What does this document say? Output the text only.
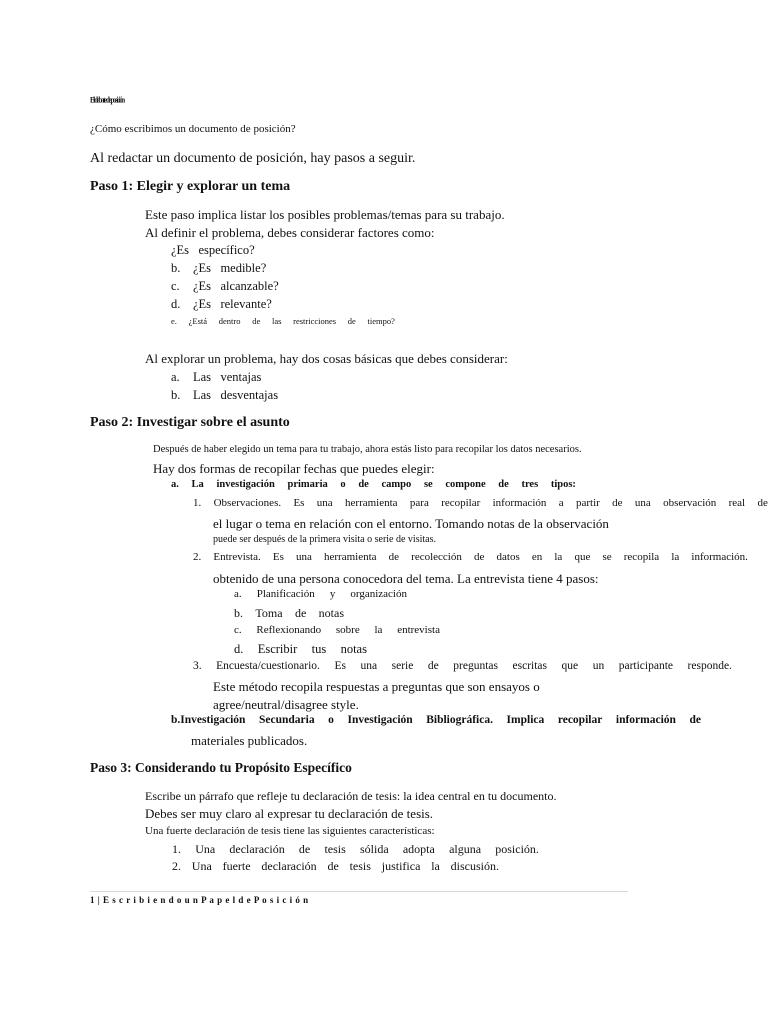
El debate de posición
¿Cómo escribimos un documento de posición?
Al redactar un documento de posición, hay pasos a seguir.
Paso 1: Elegir y explorar un tema
Este paso implica listar los posibles problemas/temas para su trabajo.
Al definir el problema, debes considerar factores como:
¿Es específico?
b. ¿Es medible?
c. ¿Es alcanzable?
d. ¿Es relevante?
e. ¿Está dentro de las restricciones de tiempo?
Al explorar un problema, hay dos cosas básicas que debes considerar:
a. Las ventajas
b. Las desventajas
Paso 2: Investigar sobre el asunto
Después de haber elegido un tema para tu trabajo, ahora estás listo para recopilar los datos necesarios.
Hay dos formas de recopilar fechas que puedes elegir:
a. La investigación primaria o de campo se compone de tres tipos:
1. Observaciones. Es una herramienta para recopilar información a partir de una observación real de
el lugar o tema en relación con el entorno. Tomando notas de la observación
puede ser después de la primera visita o serie de visitas.
2. Entrevista. Es una herramienta de recolección de datos en la que se recopila la información.
obtenido de una persona conocedora del tema. La entrevista tiene 4 pasos:
a. Planificación y organización
b. Toma de notas
c. Reflexionando sobre la entrevista
d. Escribir tus notas
3. Encuesta/cuestionario. Es una serie de preguntas escritas que un participante responde.
Este método recopila respuestas a preguntas que son ensayos o
agree/neutral/disagree style.
b.Investigación Secundaria o Investigación Bibliográfica. Implica recopilar información de
materiales publicados.
Paso 3: Considerando tu Propósito Específico
Escribe un párrafo que refleje tu declaración de tesis: la idea central en tu documento.
Debes ser muy claro al expresar tu declaración de tesis.
Una fuerte declaración de tesis tiene las siguientes características:
1. Una declaración de tesis sólida adopta alguna posición.
2. Una fuerte declaración de tesis justifica la discusión.
1 | E s c r i b i e n d o u n P a p e l d e P o s i c i ó n
